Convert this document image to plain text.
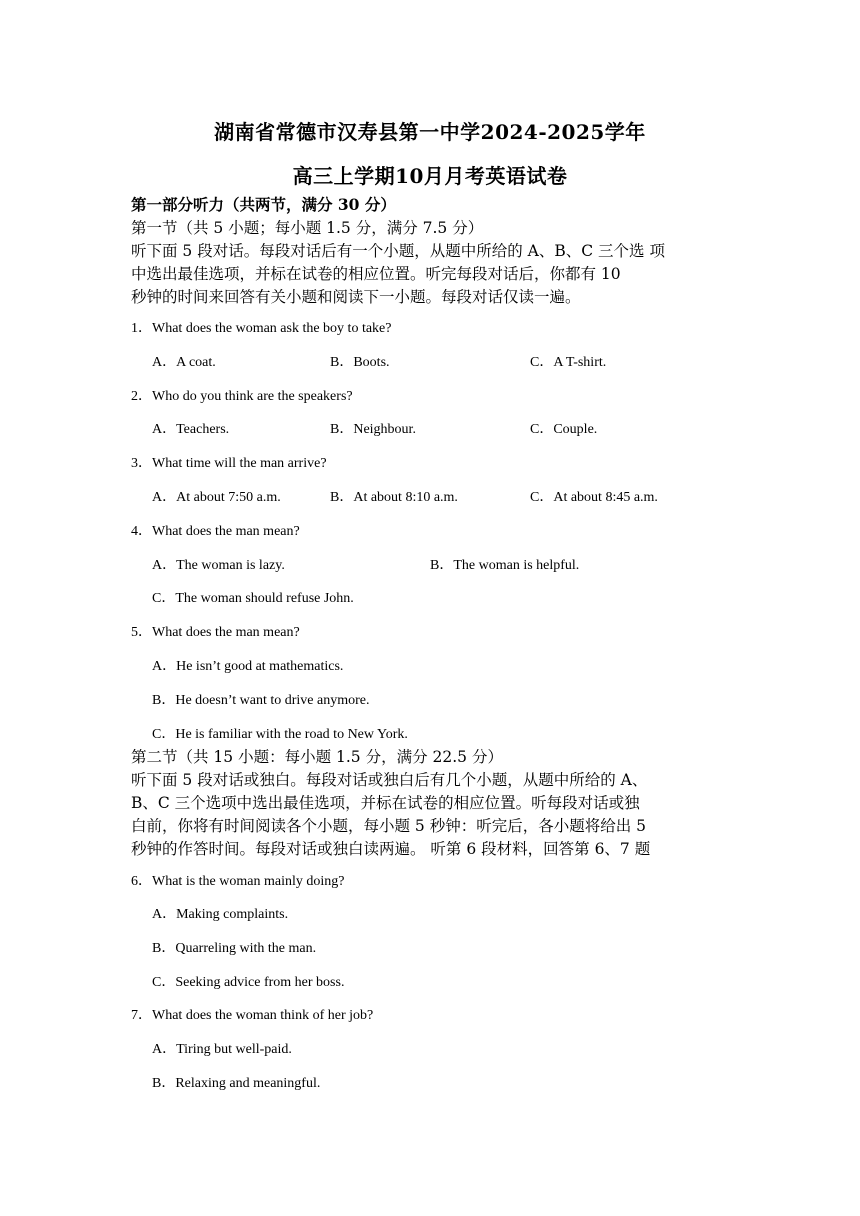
湖南省常德市汉寿县第一中学2024-2025学年
高三上学期10月月考英语试卷
第一部分听力（共两节，满分 30 分）
第一节（共 5 小题；每小题 1.5 分，满分 7.5 分）
听下面 5 段对话。每段对话后有一个小题，从题中所给的 A、B、C 三个选 项
中选出最佳选项，并标在试卷的相应位置。听完每段对话后，你都有 10
秒钟的时间来回答有关小题和阅读下一小题。每段对话仅读一遍。
1．What does the woman ask the boy to take?
A．A coat.	B．Boots.	C．A T-shirt.
2．Who do you think are the speakers?
A．Teachers.	B．Neighbour.	C．Couple.
3．What time will the man arrive?
A．At about 7:50 a.m.	B．At about 8:10 a.m.	C．At about 8:45 a.m.
4．What does the man mean?
A．The woman is lazy.	B．The woman is helpful.
C．The woman should refuse John.
5．What does the man mean?
A．He isn’t good at mathematics.
B．He doesn’t want to drive anymore.
C．He is familiar with the road to New York.
第二节（共 15 小题：每小题 1.5 分，满分 22.5 分）
听下面 5 段对话或独白。每段对话或独白后有几个小题，从题中所给的 A、
B、C 三个选项中选出最佳选项，并标在试卷的相应位置。听每段对话或独
白前，你将有时间阅读各个小题，每小题 5 秒钟：听完后，各小题将给出 5
秒钟的作答时间。每段对话或独白读两遍。 听第 6 段材料，回答第 6、7 题
6．What is the woman mainly doing?
A．Making complaints.
B．Quarreling with the man.
C．Seeking advice from her boss.
7．What does the woman think of her job?
A．Tiring but well-paid.
B．Relaxing and meaningful.
